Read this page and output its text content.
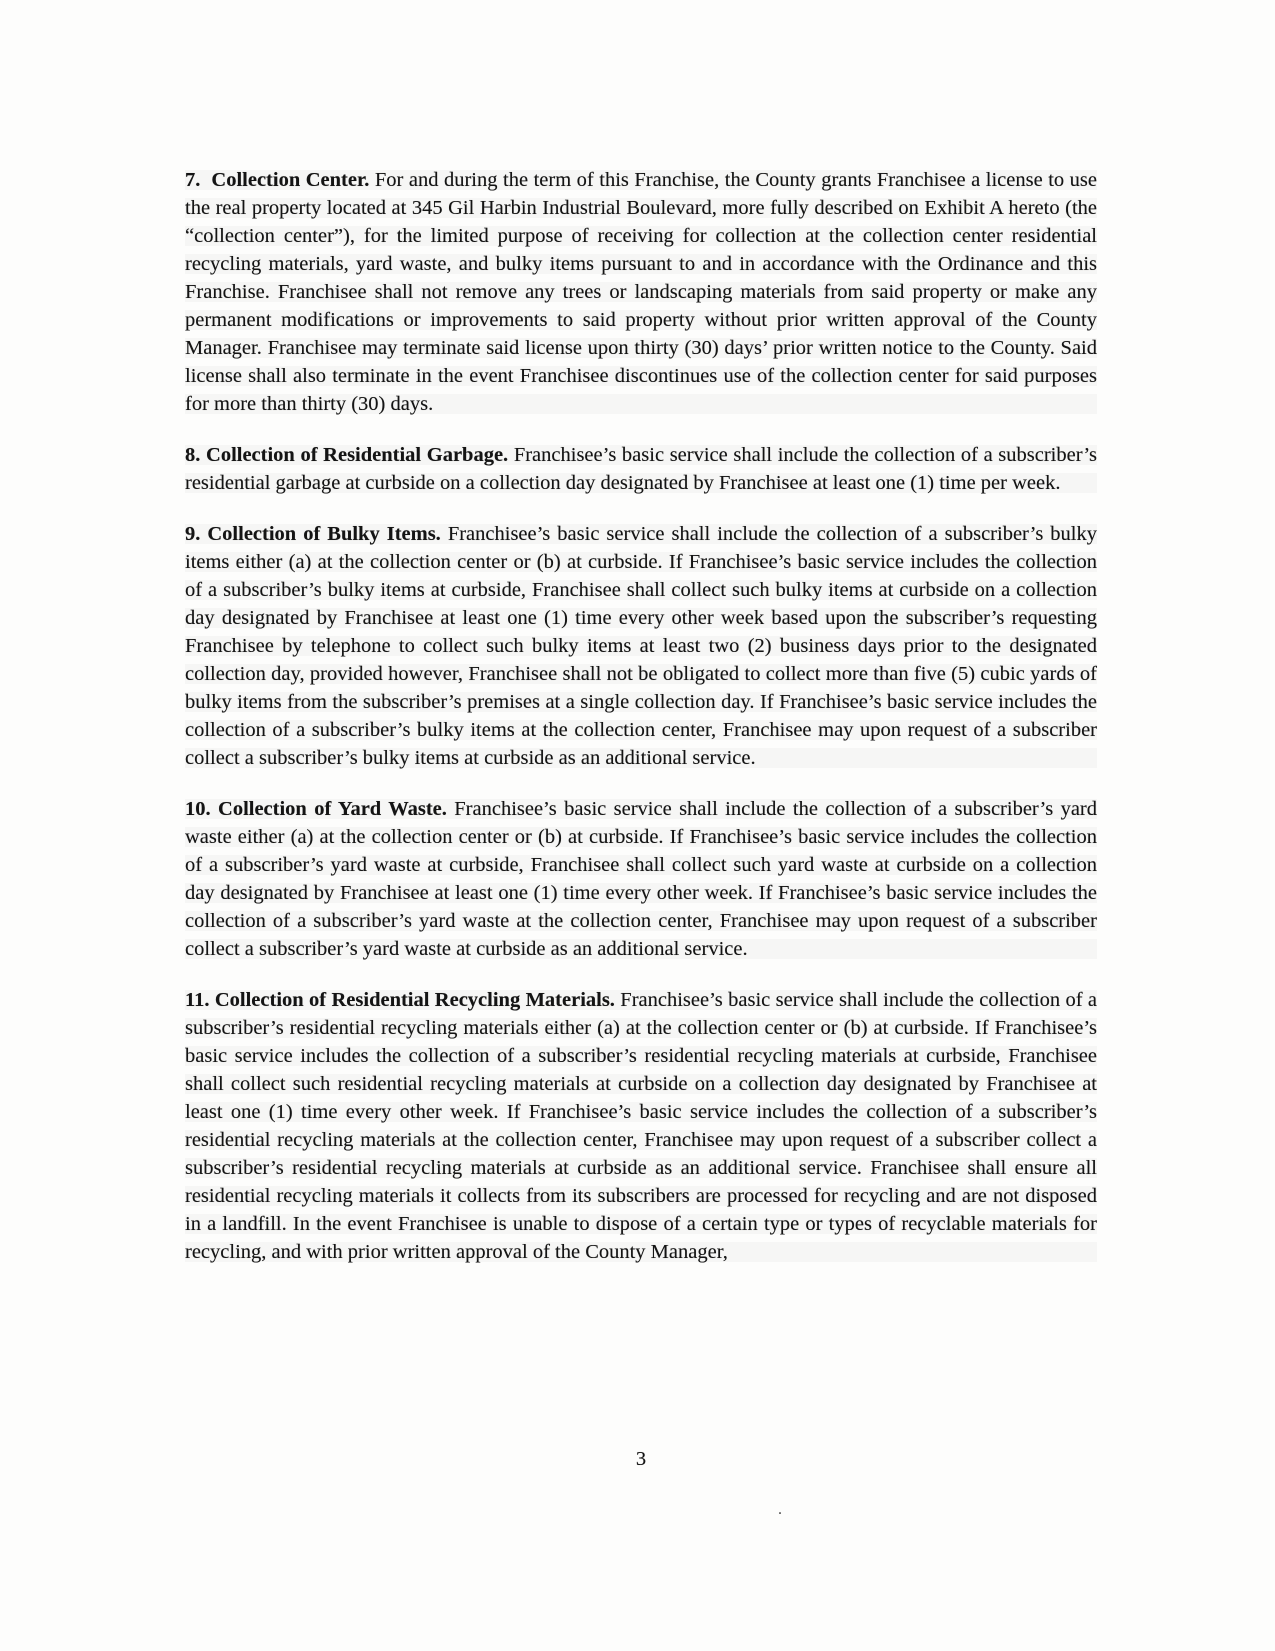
7.  Collection Center. For and during the term of this Franchise, the County grants Franchisee a license to use the real property located at 345 Gil Harbin Industrial Boulevard, more fully described on Exhibit A hereto (the “collection center”), for the limited purpose of receiving for collection at the collection center residential recycling materials, yard waste, and bulky items pursuant to and in accordance with the Ordinance and this Franchise. Franchisee shall not remove any trees or landscaping materials from said property or make any permanent modifications or improvements to said property without prior written approval of the County Manager. Franchisee may terminate said license upon thirty (30) days’ prior written notice to the County. Said license shall also terminate in the event Franchisee discontinues use of the collection center for said purposes for more than thirty (30) days.

8. Collection of Residential Garbage. Franchisee’s basic service shall include the collection of a subscriber’s residential garbage at curbside on a collection day designated by Franchisee at least one (1) time per week.

9. Collection of Bulky Items. Franchisee’s basic service shall include the collection of a subscriber’s bulky items either (a) at the collection center or (b) at curbside. If Franchisee’s basic service includes the collection of a subscriber’s bulky items at curbside, Franchisee shall collect such bulky items at curbside on a collection day designated by Franchisee at least one (1) time every other week based upon the subscriber’s requesting Franchisee by telephone to collect such bulky items at least two (2) business days prior to the designated collection day, provided however, Franchisee shall not be obligated to collect more than five (5) cubic yards of bulky items from the subscriber’s premises at a single collection day. If Franchisee’s basic service includes the collection of a subscriber’s bulky items at the collection center, Franchisee may upon request of a subscriber collect a subscriber’s bulky items at curbside as an additional service.

10. Collection of Yard Waste. Franchisee’s basic service shall include the collection of a subscriber’s yard waste either (a) at the collection center or (b) at curbside. If Franchisee’s basic service includes the collection of a subscriber’s yard waste at curbside, Franchisee shall collect such yard waste at curbside on a collection day designated by Franchisee at least one (1) time every other week. If Franchisee’s basic service includes the collection of a subscriber’s yard waste at the collection center, Franchisee may upon request of a subscriber collect a subscriber’s yard waste at curbside as an additional service.

11. Collection of Residential Recycling Materials. Franchisee’s basic service shall include the collection of a subscriber’s residential recycling materials either (a) at the collection center or (b) at curbside. If Franchisee’s basic service includes the collection of a subscriber’s residential recycling materials at curbside, Franchisee shall collect such residential recycling materials at curbside on a collection day designated by Franchisee at least one (1) time every other week. If Franchisee’s basic service includes the collection of a subscriber’s residential recycling materials at the collection center, Franchisee may upon request of a subscriber collect a subscriber’s residential recycling materials at curbside as an additional service. Franchisee shall ensure all residential recycling materials it collects from its subscribers are processed for recycling and are not disposed in a landfill. In the event Franchisee is unable to dispose of a certain type or types of recyclable materials for recycling, and with prior written approval of the County Manager,

3
.
